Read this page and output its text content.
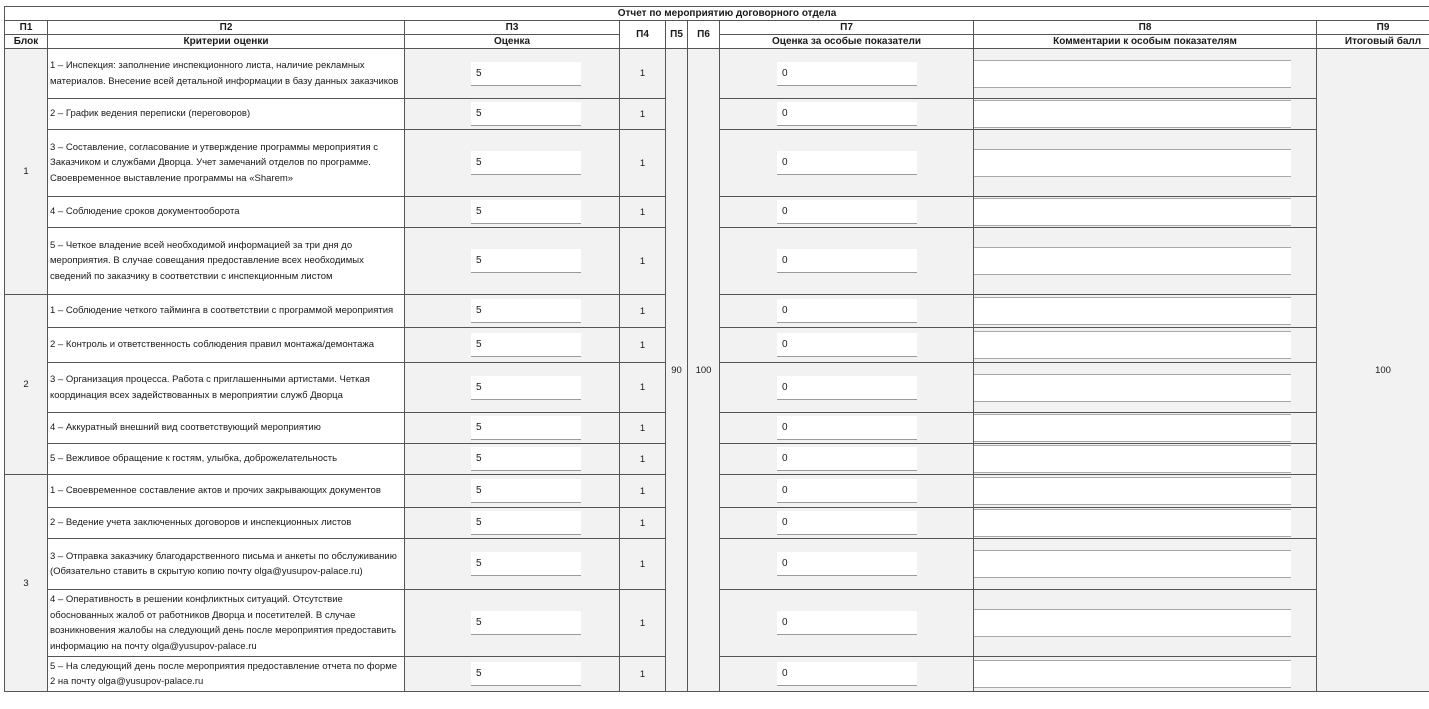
Отчет по мероприятию договорного отдела								
П1	П2	П3	П4	П5	П6	П7	П8	П9
Блок	Критерии оценки	Оценка				Оценка за особые показатели	Комментарии к особым показателям	Итоговый балл
1	1 – Инспекция: заполнение инспекционного листа, наличие рекламных материалов. Внесение всей детальной информации в базу данных заказчиков	5	1	90	100	0		100
	2 – График ведения переписки (переговоров)	5	1			0		

	3 – Составление, согласование и утверждение программы мероприятия с Заказчиком и службами Дворца. Учет замечаний отделов по программе. Своевременное выставление программы на «Sharem»	5	1			0		

	4 – Соблюдение сроков документооборота	5	1			0		

	5 – Четкое владение всей необходимой информацией за три дня до мероприятия. В случае совещания предоставление всех необходимых сведений по заказчику в соответствии с инспекционным листом	5	1			0		

2	1 – Соблюдение четкого тайминга в соответствии с программой мероприятия	5	1			0		

	2 – Контроль и ответственность соблюдения правил монтажа/демонтажа	5	1			0		

	3 – Организация процесса. Работа с приглашенными артистами. Четкая координация всех задействованных в мероприятии служб Дворца	5	1			0		

	4 – Аккуратный внешний вид соответствующий мероприятию	5	1			0		

	5 – Вежливое обращение к гостям, улыбка, доброжелательность	5	1			0		

3	1 – Своевременное составление актов и прочих закрывающих документов	5	1			0		

	2 – Ведение учета заключенных договоров и инспекционных листов	5	1			0		

	3 – Отправка заказчику благодарственного письма и анкеты по обслуживанию (Обязательно ставить в скрытую копию почту olga@yusupov-palace.ru)	5	1			0		

	4 – Оперативность в решении конфликтных ситуаций. Отсутствие обоснованных жалоб от работников Дворца и посетителей. В случае возникновения жалобы на следующий день после мероприятия предоставить информацию на почту olga@yusupov-palace.ru	5	1			0		

	5 – На следующий день после мероприятия предоставление отчета по форме 2 на почту olga@yusupov-palace.ru	5	1			0		
